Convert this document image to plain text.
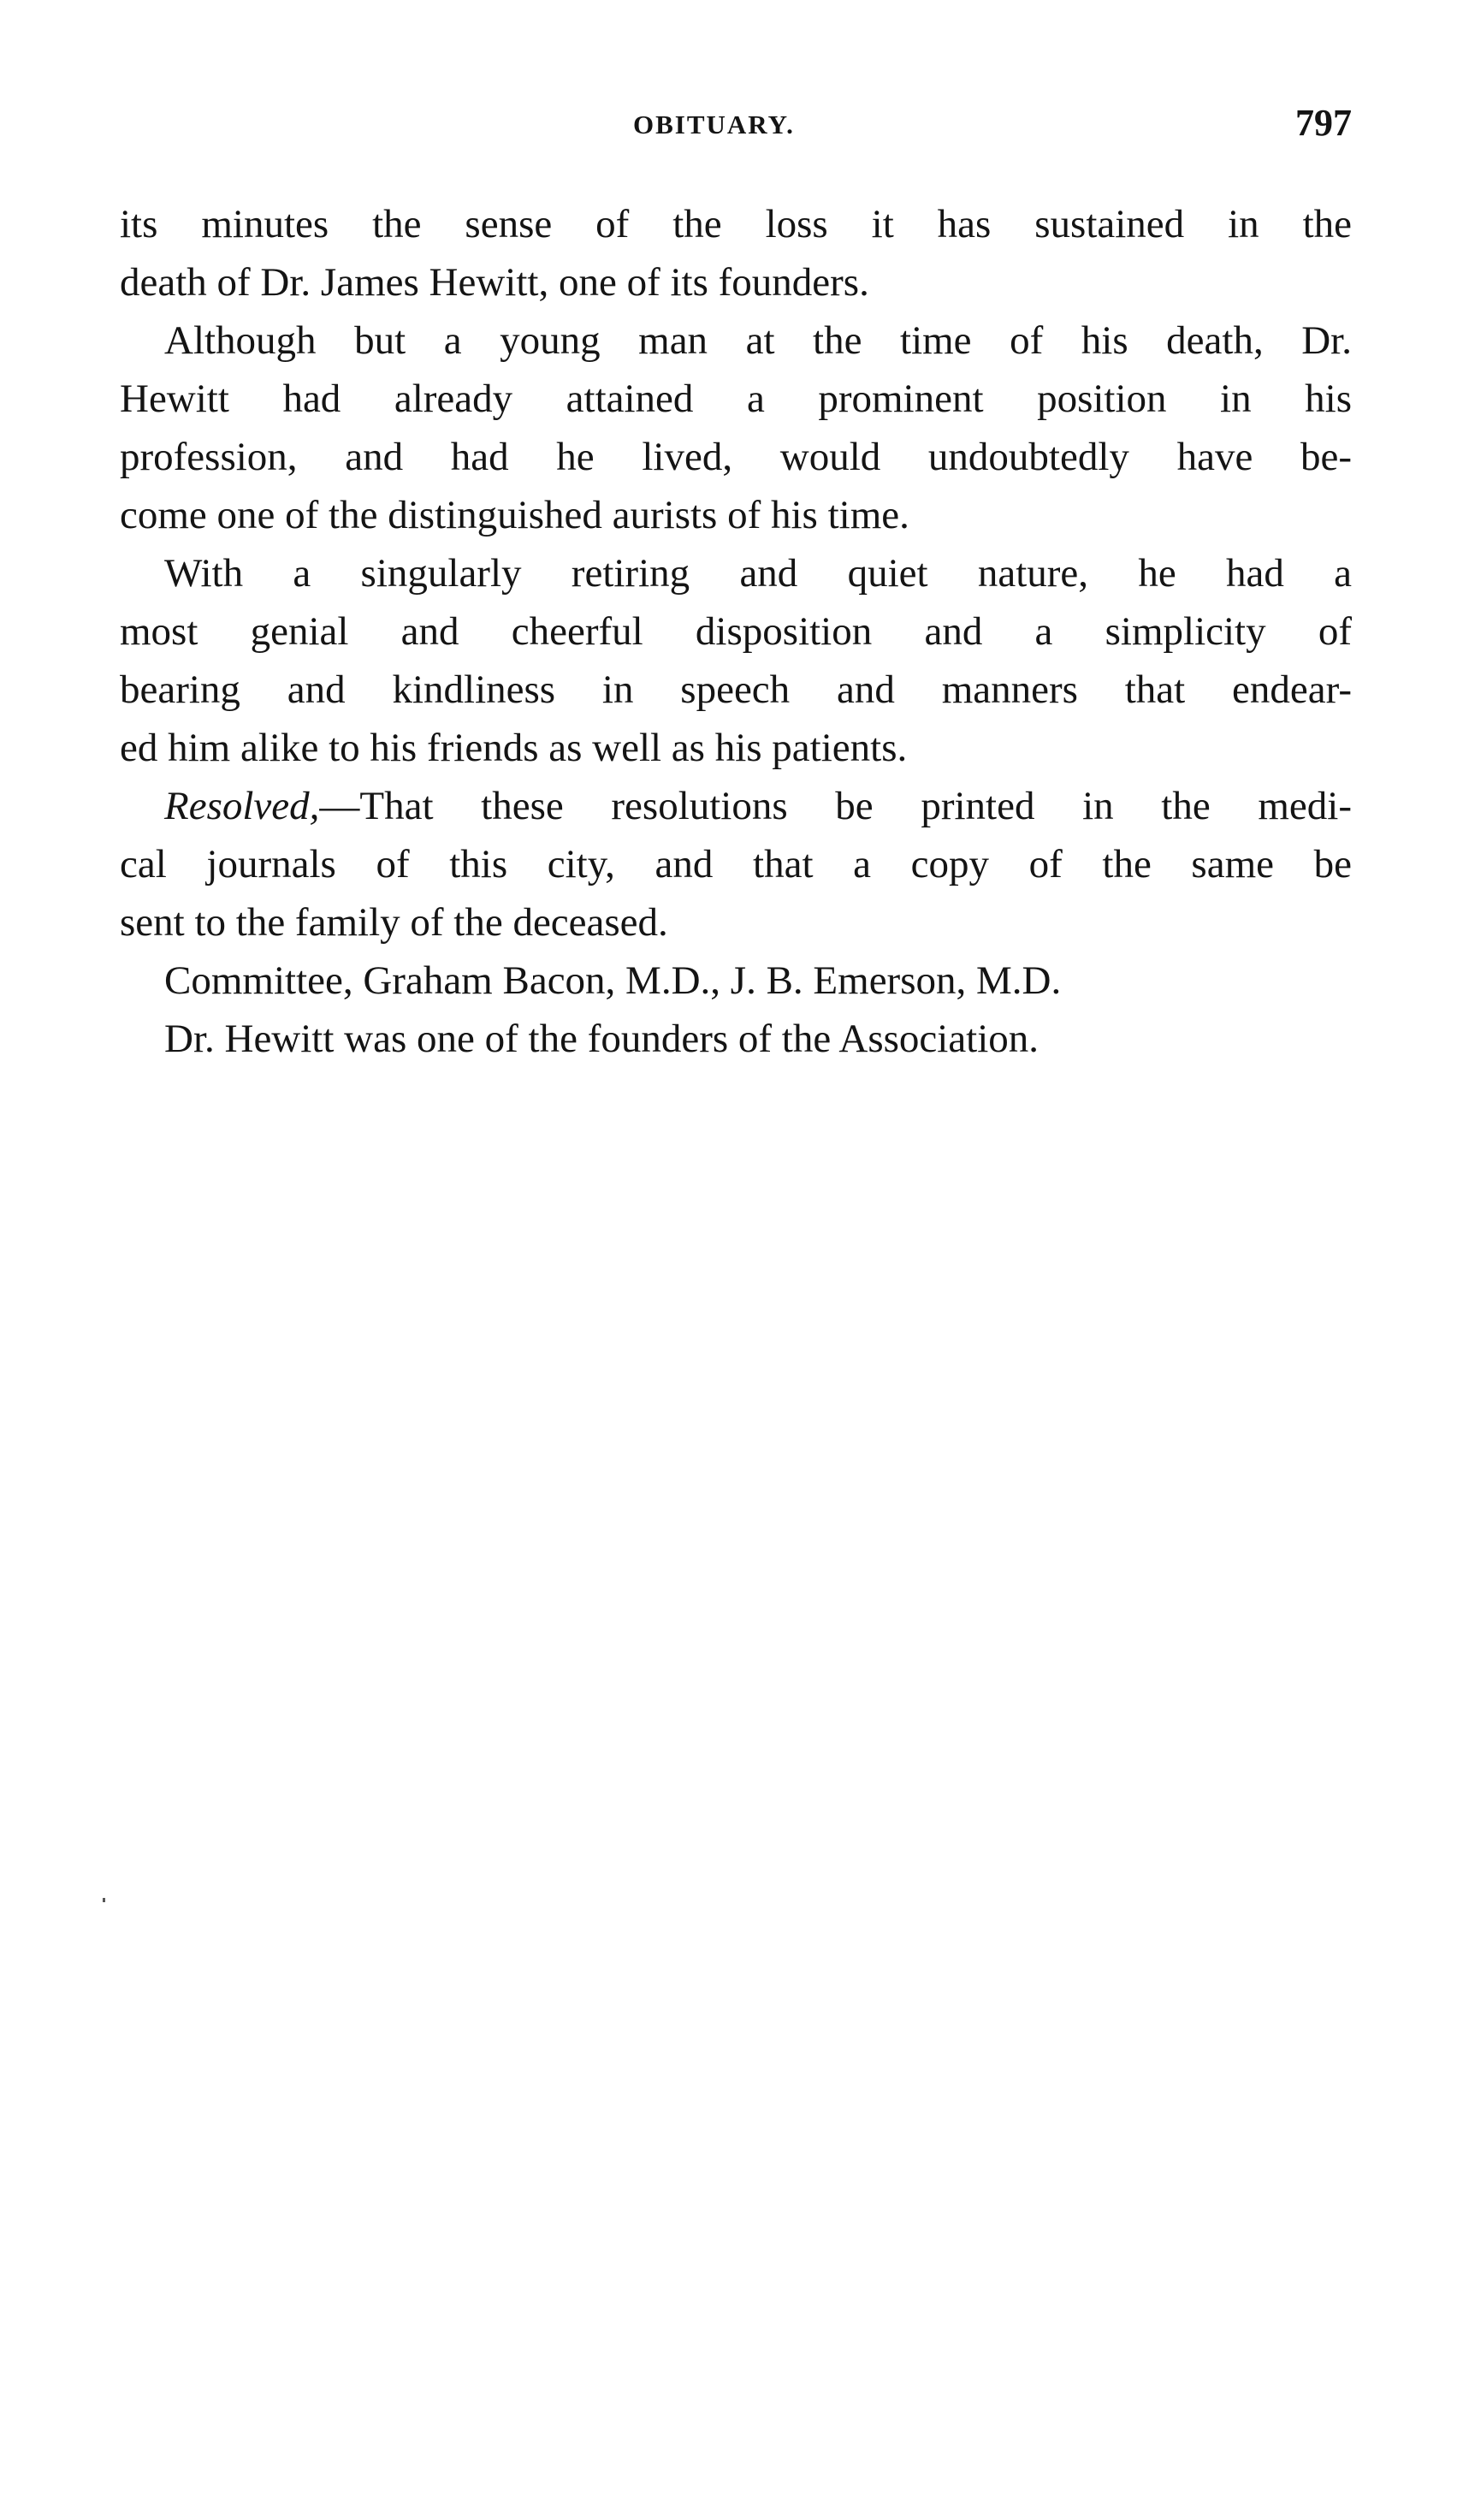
OBITUARY.	797
its minutes the sense of the loss it has sustained in the
death of Dr. James Hewitt, one of its founders.
Although but a young man at the time of his death, Dr.
Hewitt had already attained a prominent position in his
profession, and had he lived, would undoubtedly have be-
come one of the distinguished aurists of his time.
With a singularly retiring and quiet nature, he had a
most genial and cheerful disposition and a simplicity of
bearing and kindliness in speech and manners that endear-
ed him alike to his friends as well as his patients.
Resolved,—That these resolutions be printed in the medi-
cal journals of this city, and that a copy of the same be
sent to the family of the deceased.
Committee, Graham Bacon, M.D., J. B. Emerson, M.D.
Dr. Hewitt was one of the founders of the Association.
